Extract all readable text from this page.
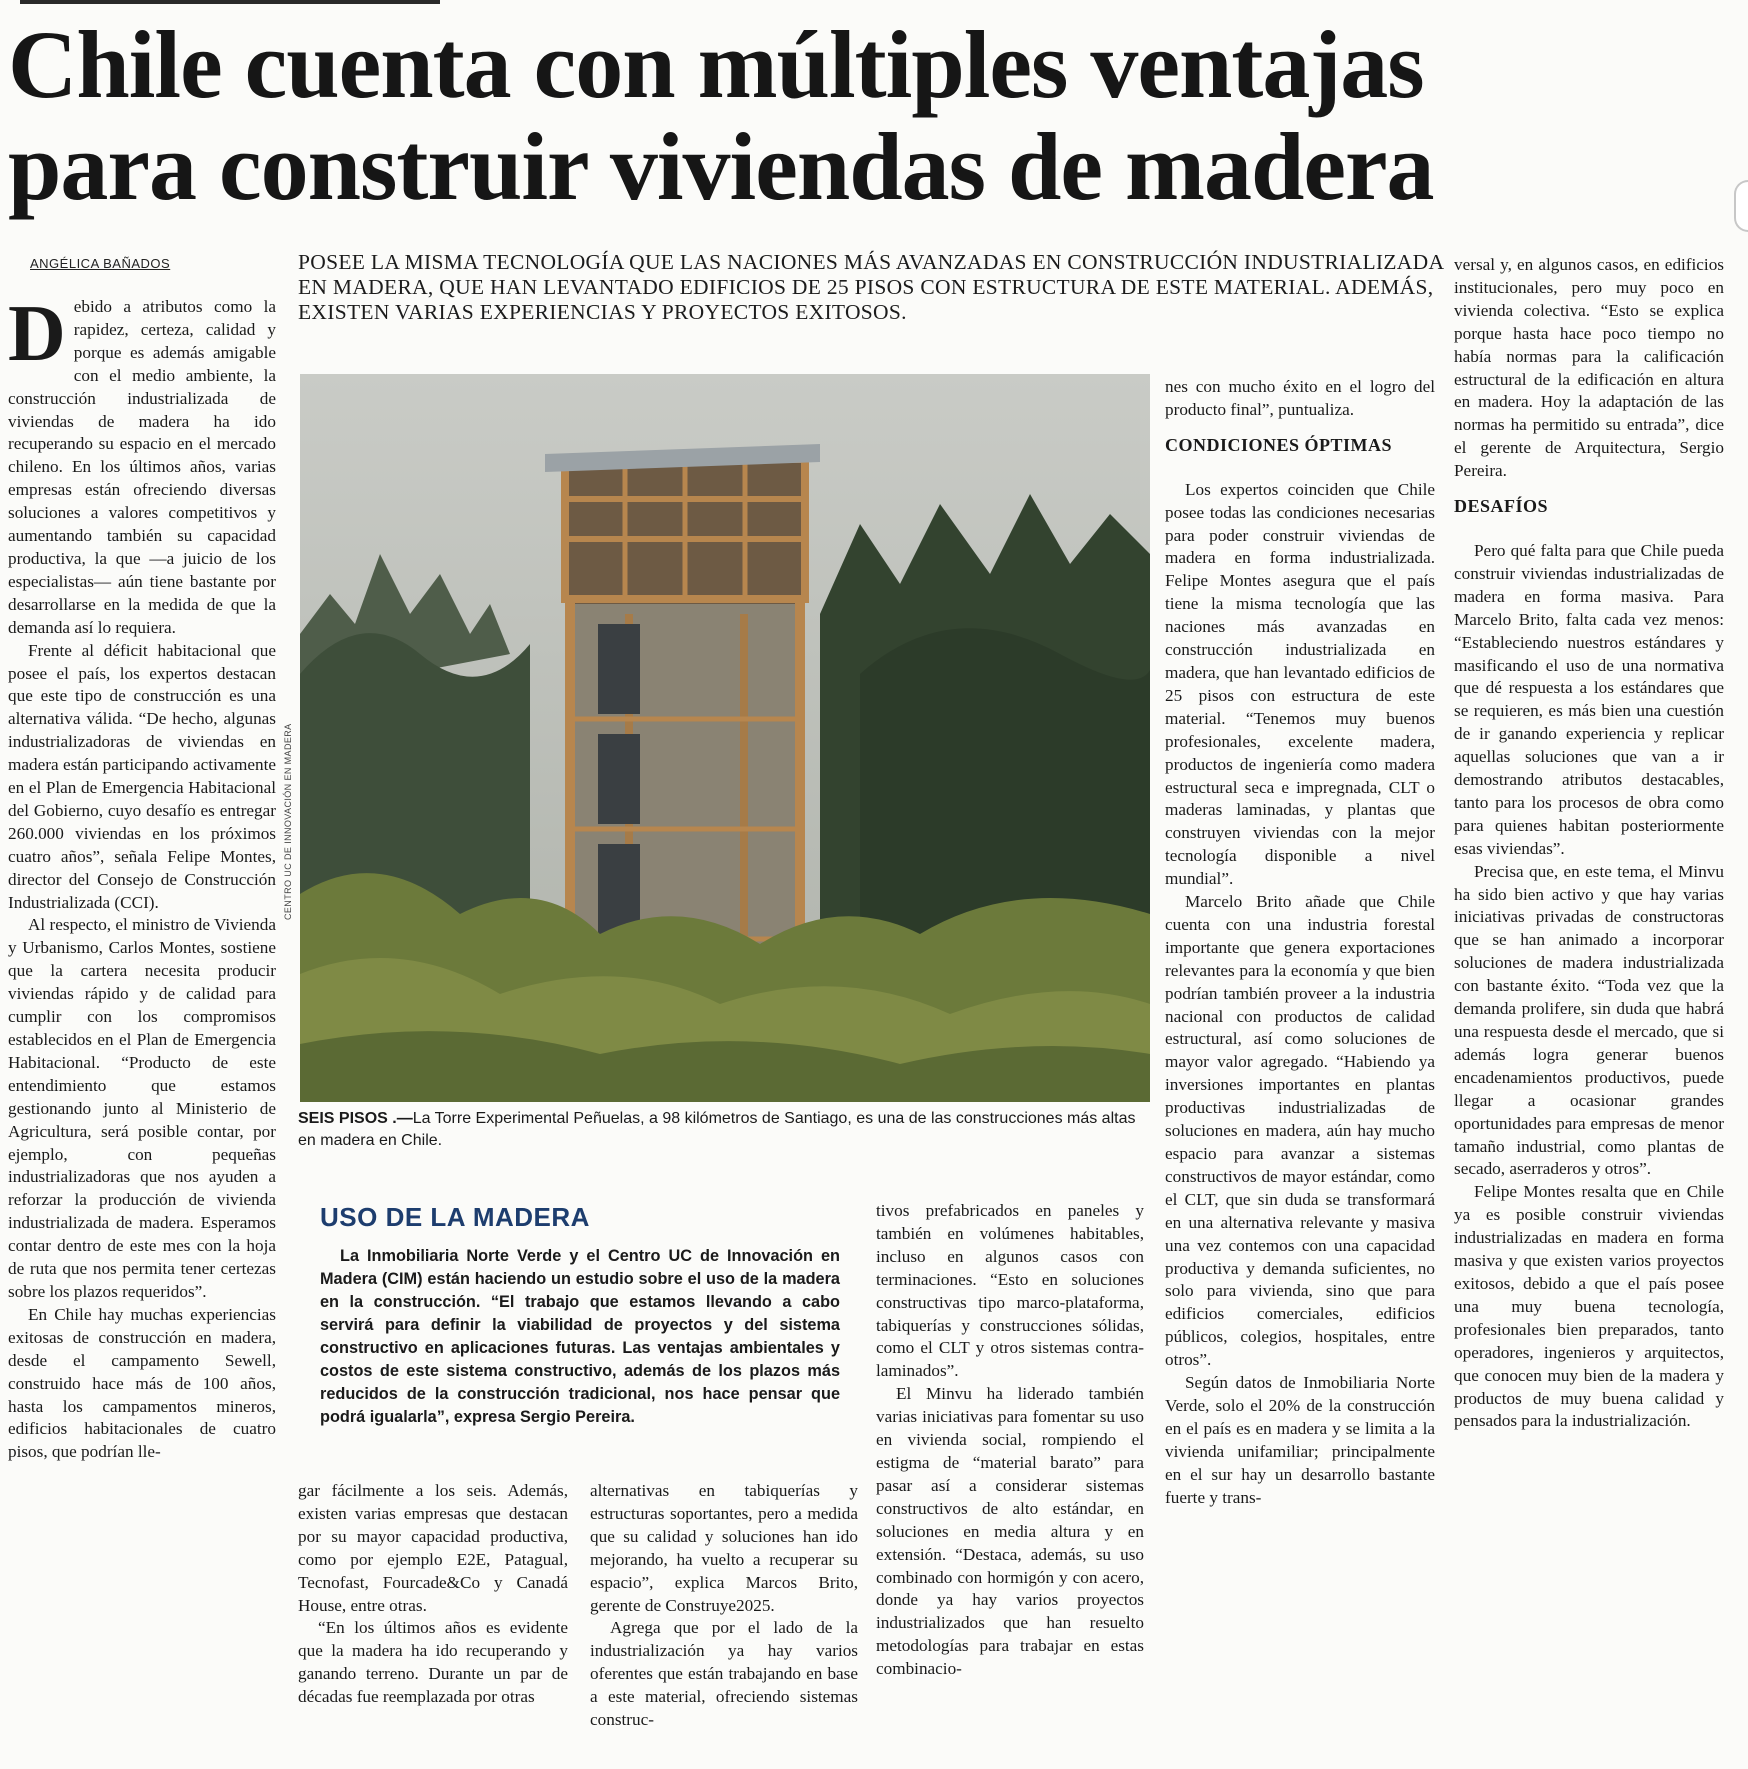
Chile cuenta con múltiples ventajas
para construir viviendas de madera
ANGÉLICA BAÑADOS	POSEE LA MISMA TECNOLOGÍA QUE LAS NACIONES MÁS AVANZADAS EN CONSTRUCCIÓN INDUSTRIALIZADA EN MADERA, QUE HAN LEVANTADO EDIFICIOS DE 25 PISOS CON ESTRUCTURA DE ESTE MATERIAL. ADEMÁS, EXISTEN VARIAS EXPERIENCIAS Y PROYECTOS EXITOSOS.

Debido a atributos como la rapidez, certeza, calidad y porque es además amigable con el medio ambiente, la construcción industrializada de viviendas de madera ha ido recuperando su espacio en el mercado chileno. En los últimos años, varias empresas están ofreciendo diversas soluciones a valores competitivos y aumentando también su capacidad productiva, la que —a juicio de los especialistas— aún tiene bastante por desarrollarse en la medida de que la demanda así lo requiera.

Frente al déficit habitacional que posee el país, los expertos destacan que este tipo de construcción es una alternativa válida. “De hecho, algunas industrializadoras de viviendas en madera están participando activamente en el Plan de Emergencia Habitacional del Gobierno, cuyo desafío es entregar 260.000 viviendas en los próximos cuatro años”, señala Felipe Montes, director del Consejo de Construcción Industrializada (CCI).

Al respecto, el ministro de Vivienda y Urbanismo, Carlos Montes, sostiene que la cartera necesita producir viviendas rápido y de calidad para cumplir con los compromisos establecidos en el Plan de Emergencia Habitacional. “Producto de este entendimiento que estamos gestionando junto al Ministerio de Agricultura, será posible contar, por ejemplo, con pequeñas industrializadoras que nos ayuden a reforzar la producción de vivienda industrializada de madera. Esperamos contar dentro de este mes con la hoja de ruta que nos permita tener certezas sobre los plazos requeridos”.

En Chile hay muchas experiencias exitosas de construcción en madera, desde el campamento Sewell, construido hace más de 100 años, hasta los campamentos mineros, edificios habitacionales de cuatro pisos, que podrían lle-

CENTRO UC DE INNOVACIÓN EN MADERA
SEIS PISOS .—La Torre Experimental Peñuelas, a 98 kilómetros de Santiago, es una de las construcciones más altas en madera en Chile.
USO DE LA MADERA

La Inmobiliaria Norte Verde y el Centro UC de Innovación en Madera (CIM) están haciendo un estudio sobre el uso de la madera en la construcción. “El trabajo que estamos llevando a cabo servirá para definir la viabilidad de proyectos y del sistema constructivo en aplicaciones futuras. Las ventajas ambientales y costos de este sistema constructivo, además de los plazos más reducidos de la construcción tradicional, nos hace pensar que podrá igualarla”, expresa Sergio Pereira.

gar fácilmente a los seis. Además, existen varias empresas que destacan por su mayor capacidad productiva, como por ejemplo E2E, Patagual, Tecnofast, Fourcade&Co y Canadá House, entre otras.

“En los últimos años es evidente que la madera ha ido recuperando y ganando terreno. Durante un par de décadas fue reemplazada por otras

alternativas en tabiquerías y estructuras soportantes, pero a medida que su calidad y soluciones han ido mejorando, ha vuelto a recuperar su espacio”, explica Marcos Brito, gerente de Construye2025.

Agrega que por el lado de la industrialización ya hay varios oferentes que están trabajando en base a este material, ofreciendo sistemas construc-

tivos prefabricados en paneles y también en volúmenes habitables, incluso en algunos casos con terminaciones. “Esto en soluciones constructivas tipo marco-plataforma, tabiquerías y construcciones sólidas, como el CLT y otros sistemas contra-laminados”.

El Minvu ha liderado también varias iniciativas para fomentar su uso en vivienda social, rompiendo el estigma de “material barato” para pasar así a considerar sistemas constructivos de alto estándar, en soluciones en media altura y en extensión. “Destaca, además, su uso combinado con hormigón y con acero, donde ya hay varios proyectos industrializados que han resuelto metodologías para trabajar en estas combinacio-

nes con mucho éxito en el logro del producto final”, puntualiza.

CONDICIONES ÓPTIMAS

Los expertos coinciden que Chile posee todas las condiciones necesarias para poder construir viviendas de madera en forma industrializada. Felipe Montes asegura que el país tiene la misma tecnología que las naciones más avanzadas en construcción industrializada en madera, que han levantado edificios de 25 pisos con estructura de este material. “Tenemos muy buenos profesionales, excelente madera, productos de ingeniería como madera estructural seca e impregnada, CLT o maderas laminadas, y plantas que construyen viviendas con la mejor tecnología disponible a nivel mundial”.

Marcelo Brito añade que Chile cuenta con una industria forestal importante que genera exportaciones relevantes para la economía y que bien podrían también proveer a la industria nacional con productos de calidad estructural, así como soluciones de mayor valor agregado. “Habiendo ya inversiones importantes en plantas productivas industrializadas de soluciones en madera, aún hay mucho espacio para avanzar a sistemas constructivos de mayor estándar, como el CLT, que sin duda se transformará en una alternativa relevante y masiva una vez contemos con una capacidad productiva y demanda suficientes, no solo para vivienda, sino que para edificios comerciales, edificios públicos, colegios, hospitales, entre otros”.

Según datos de Inmobiliaria Norte Verde, solo el 20% de la construcción en el país es en madera y se limita a la vivienda unifamiliar; principalmente en el sur hay un desarrollo bastante fuerte y trans-

versal y, en algunos casos, en edificios institucionales, pero muy poco en vivienda colectiva. “Esto se explica porque hasta hace poco tiempo no había normas para la calificación estructural de la edificación en altura en madera. Hoy la adaptación de las normas ha permitido su entrada”, dice el gerente de Arquitectura, Sergio Pereira.

DESAFÍOS

Pero qué falta para que Chile pueda construir viviendas industrializadas de madera en forma masiva. Para Marcelo Brito, falta cada vez menos: “Estableciendo nuestros estándares y masificando el uso de una normativa que dé respuesta a los estándares que se requieren, es más bien una cuestión de ir ganando experiencia y replicar aquellas soluciones que van a ir demostrando atributos destacables, tanto para los procesos de obra como para quienes habitan posteriormente esas viviendas”.

Precisa que, en este tema, el Minvu ha sido bien activo y que hay varias iniciativas privadas de constructoras que se han animado a incorporar soluciones de madera industrializada con bastante éxito. “Toda vez que la demanda prolifere, sin duda que habrá una respuesta desde el mercado, que si además logra generar buenos encadenamientos productivos, puede llegar a ocasionar grandes oportunidades para empresas de menor tamaño industrial, como plantas de secado, aserraderos y otros”.

Felipe Montes resalta que en Chile ya es posible construir viviendas industrializadas en madera en forma masiva y que existen varios proyectos exitosos, debido a que el país posee una muy buena tecnología, profesionales bien preparados, tanto operadores, ingenieros y arquitectos, que conocen muy bien de la madera y productos de muy buena calidad y pensados para la industrialización.
